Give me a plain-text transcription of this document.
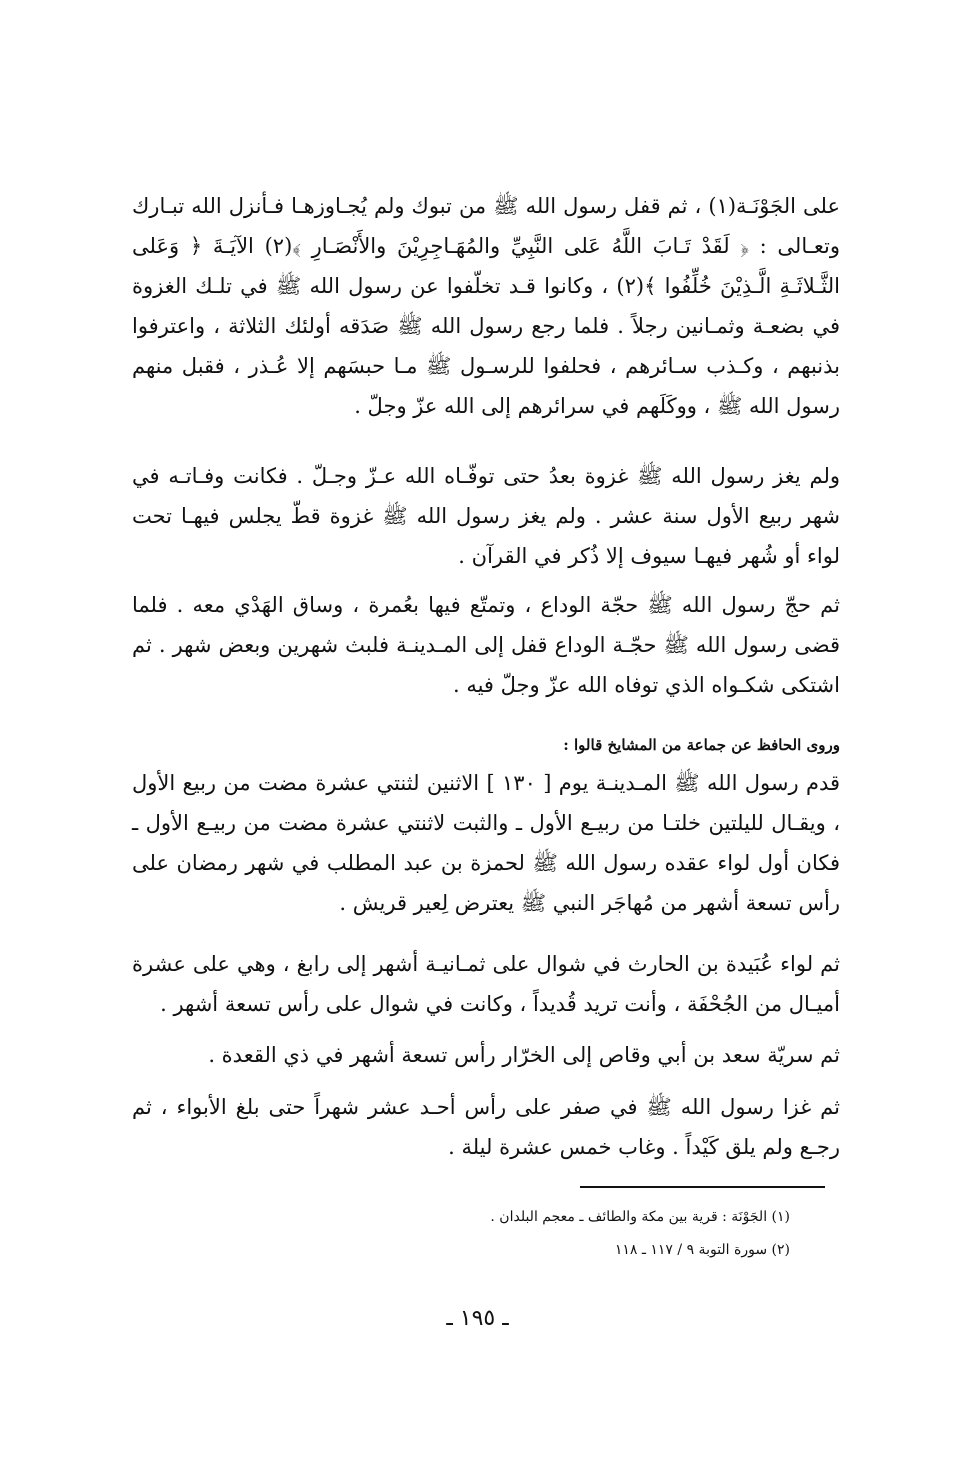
على الجَوْنَـة(١) ، ثم قفل رسول الله ﷺ من تبوك ولم يُجـاوزهـا فـأنزل الله تبـارك وتعـالى : ﴿ لَقَدْ تَـابَ اللَّهُ عَلى النَّبِيِّ والمُهَـاجِرِيْنَ والأَنْصَـارِ ﴾(٢) الآيَـةَ ﴿ وَعَلى الثَّـلاثَـةِ الَّـذِيْنَ خُلِّفُوا ﴾(٢) ، وكانوا قـد تخلّفوا عن رسول الله ﷺ في تلـك الغزوة في بضعـة وثمـانين رجلاً . فلما رجع رسول الله ﷺ صَدَقه أولئك الثلاثة ، واعترفوا بذنبهم ، وكـذب سـائرهم ، فحلفوا للرسـول ﷺ مـا حبسَهم إلا عُـذر ، فقبل منهم رسول الله ﷺ ، ووكَلَهم في سرائرهم إلى الله عزّ وجلّ .

ولم يغز رسول الله ﷺ غزوة بعدُ حتى توفّـاه الله عـزّ وجـلّ . فكانت وفـاتـه في شهر ربيع الأول سنة عشر . ولم يغز رسول الله ﷺ غزوة قطّ يجلس فيهـا تحت لواء أو شُهر فيهـا سيوف إلا ذُكر في القرآن .

ثم حجّ رسول الله ﷺ حجّة الوداع ، وتمتّع فيها بعُمرة ، وساق الهَدْي معه . فلما قضى رسول الله ﷺ حجّـة الوداع قفل إلى المـدينـة فلبث شهرين وبعض شهر . ثم اشتكى شكـواه الذي توفاه الله عزّ وجلّ فيه .

وروى الحافظ عن جماعة من المشايخ قالوا :

قدم رسول الله ﷺ المـدينـة يوم [ ١٣٠ ] الاثنين لثنتي عشرة مضت من ربيع الأول ، ويقـال لليلتين خلتـا من ربيـع الأول ـ والثبت لاثنتي عشرة مضت من ربيـع الأول ـ فكان أول لواء عقده رسول الله ﷺ لحمزة بن عبد المطلب في شهر رمضان على رأس تسعة أشهر من مُهاجَر النبي ﷺ يعترض لِعير قريش .

ثم لواء عُبَيدة بن الحارث في شوال على ثمـانيـة أشهر إلى رابغ ، وهي على عشرة أميـال من الجُحْفَة ، وأنت تريد قُديداً ، وكانت في شوال على رأس تسعة أشهر .

ثم سريّة سعد بن أبي وقاص إلى الخرّار رأس تسعة أشهر في ذي القعدة .

ثم غزا رسول الله ﷺ في صفر على رأس أحـد عشر شهراً حتى بلغ الأبواء ، ثم رجـع ولم يلق كَيْداً . وغاب خمس عشرة ليلة .

(١) الجَوْنَة : قرية بين مكة والطائف ـ معجم البلدان .
(٢) سورة التوبة ٩ / ١١٧ ـ ١١٨
ـ ١٩٥ ـ
